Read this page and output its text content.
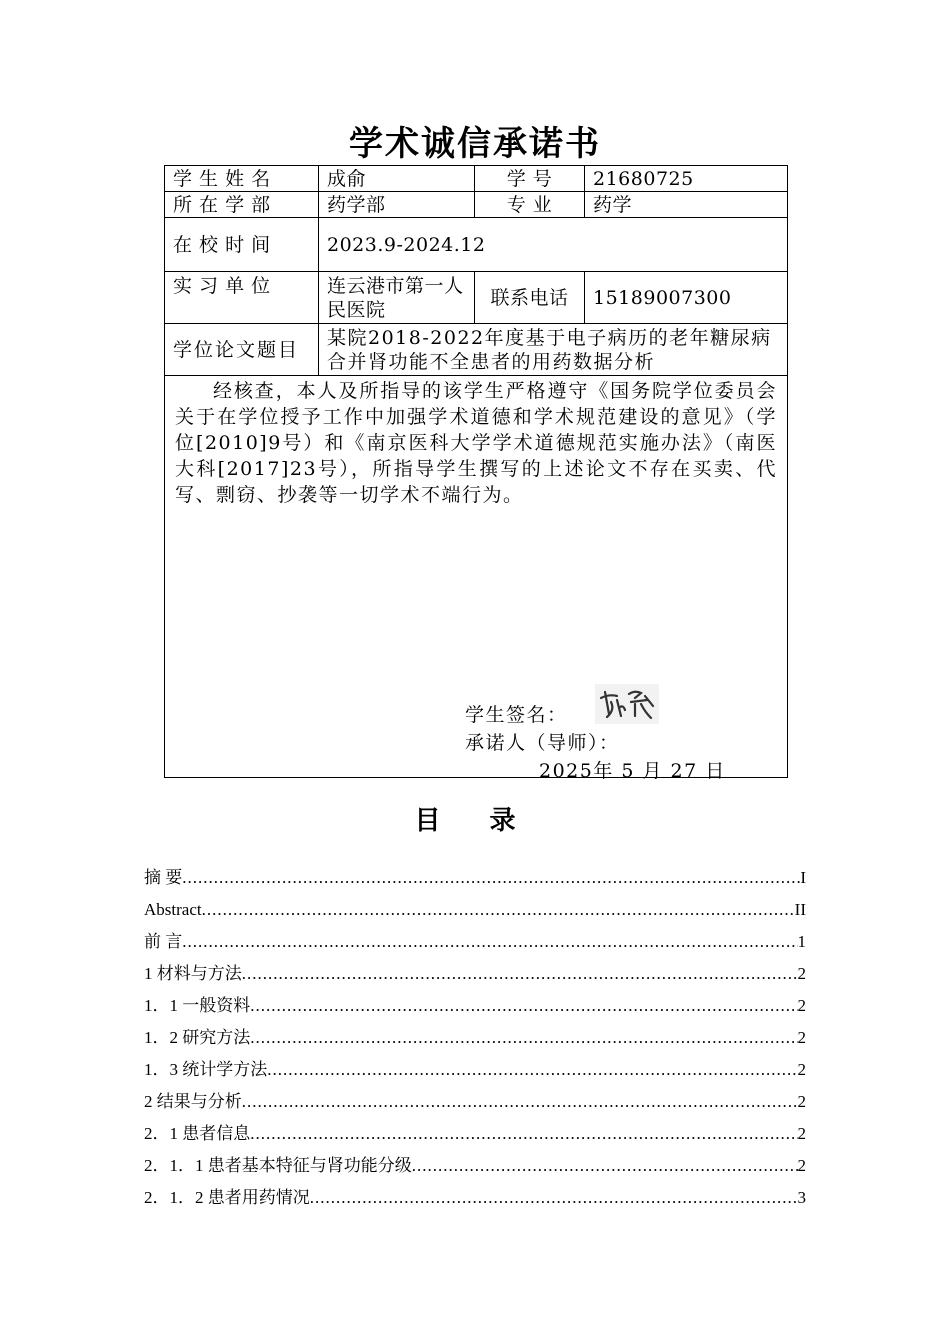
学术诚信承诺书
学 生 姓 名	成俞	学 号	21680725
所 在 学 部	药学部	专 业	药学
在 校 时 间	2023.9-2024.12		
实 习 单 位	连云港市第一人民医院	联系电话	15189007300
学位论文题目	某院2018-2022年度基于电子病历的老年糖尿病合并肾功能不全患者的用药数据分析		

经核查，本人及所指导的该学生严格遵守《国务院学位委员会关于在学位授予工作中加强学术道德和学术规范建设的意见》（学位[2010]9号）和《南京医科大学学术道德规范实施办法》（南医大科[2017]23号），所指导学生撰写的上述论文不存在买卖、代写、剽窃、抄袭等一切学术不端行为。
学生签名：
承诺人（导师）：
2025年 5 月 27 日			
目 录
摘 要 .....	I
Abstract .....	II
前 言 .....	1
1 材料与方法 .....	2
1．1 一般资料 .....	2
1．2 研究方法 .....	2
1．3 统计学方法 .....	2
2 结果与分析 .....	2
2．1 患者信息 .....	2
2．1．1 患者基本特征与肾功能分级 .....	2
2．1．2 患者用药情况 .....	3
